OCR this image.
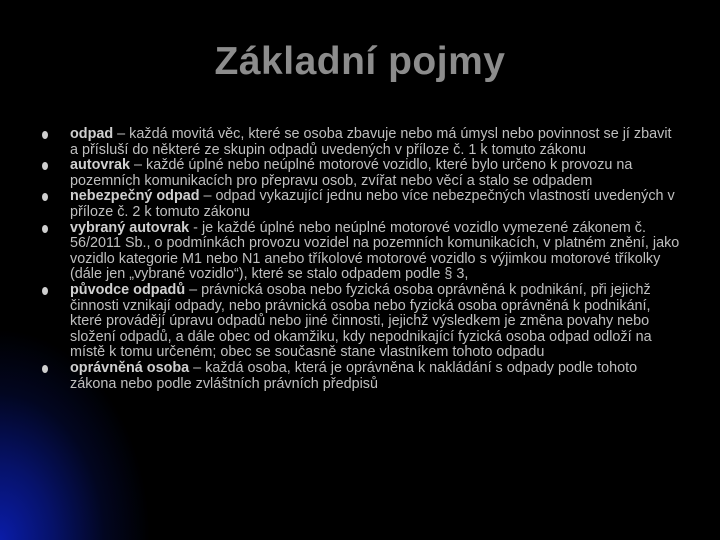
Základní pojmy
odpad – každá movitá věc, které se osoba zbavuje nebo má úmysl nebo povinnost se jí zbavit a přísluší do některé ze skupin odpadů uvedených v příloze č. 1 k tomuto zákonu
autovrak – každé úplné nebo neúplné motorové vozidlo, které bylo určeno k provozu na pozemních komunikacích pro přepravu osob, zvířat nebo věcí a stalo se odpadem
nebezpečný odpad – odpad vykazující jednu nebo více nebezpečných vlastností uvedených v příloze č. 2 k tomuto zákonu
vybraný autovrak - je každé úplné nebo neúplné motorové vozidlo vymezené zákonem č. 56/2011 Sb., o podmínkách provozu vozidel na pozemních komunikacích, v platném znění, jako vozidlo kategorie M1 nebo N1 anebo tříkolové motorové vozidlo s výjimkou motorové tříkolky (dále jen „vybrané vozidlo“), které se stalo odpadem podle § 3,
původce odpadů – právnická osoba nebo fyzická osoba oprávněná k podnikání, při jejichž činnosti vznikají odpady, nebo právnická osoba nebo fyzická osoba oprávněná k podnikání, které provádějí úpravu odpadů nebo jiné činnosti, jejichž výsledkem je změna povahy nebo složení odpadů, a dále obec od okamžiku, kdy nepodnikající fyzická osoba odpad odloží na místě k tomu určeném; obec se současně stane vlastníkem tohoto odpadu
oprávněná osoba – každá osoba, která je oprávněna k nakládání s odpady podle tohoto zákona nebo podle zvláštních právních předpisů
